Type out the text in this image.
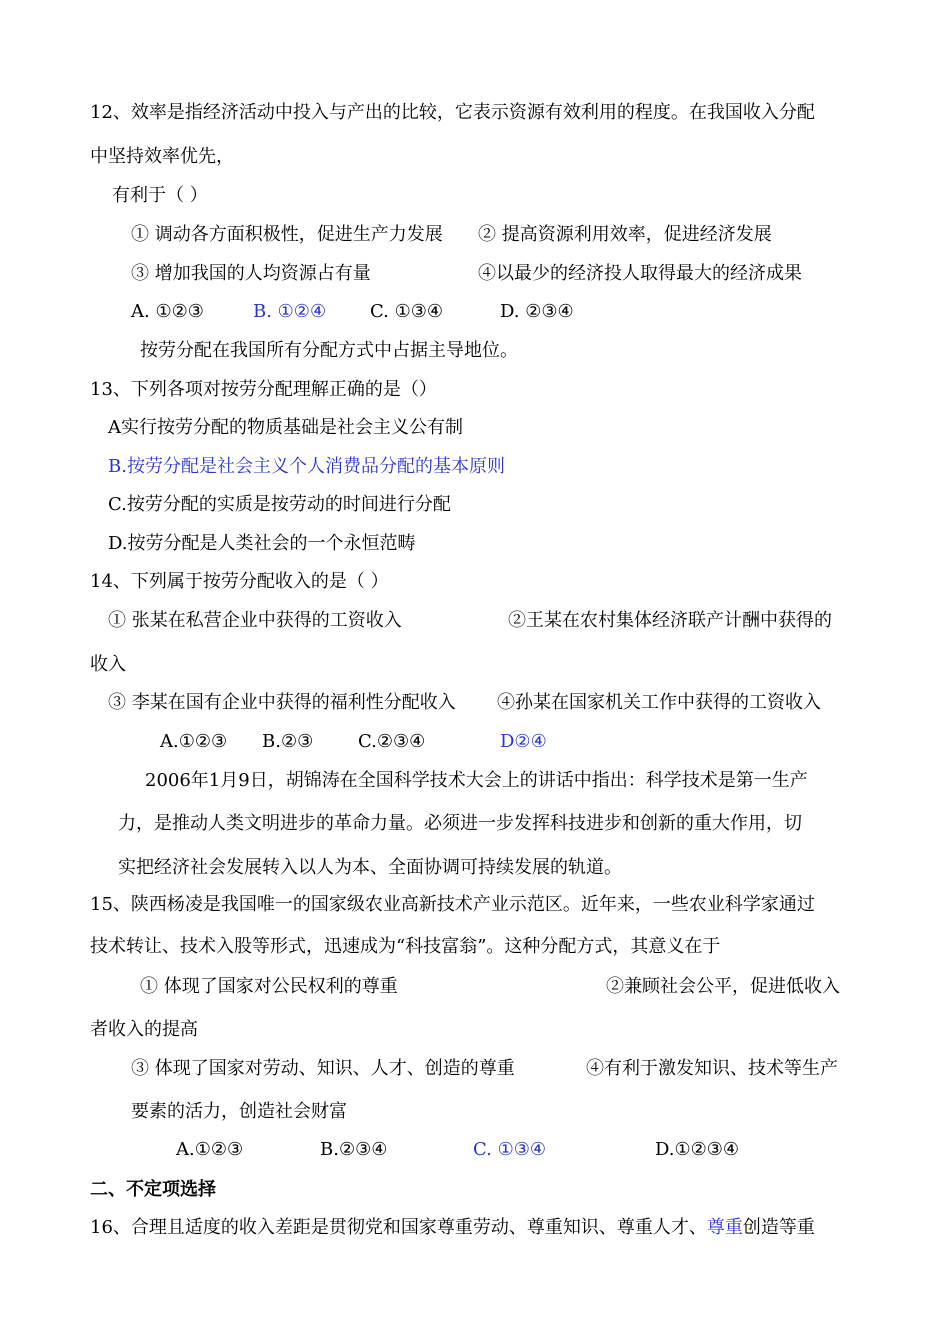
12、效率是指经济活动中投入与产出的比较，它表示资源有效利用的程度。在我国收入分配
中坚持效率优先，
有利于（ ）
① 调动各方面积极性，促进生产力发展 ② 提高资源利用效率，促进经济发展
③ 增加我国的人均资源占有量	④以最少的经济投人取得最大的经济成果
A. ①②③	B. ①②④ C. ①③④	D. ②③④
按劳分配在我国所有分配方式中占据主导地位。
13、下列各项对按劳分配理解正确的是（）
A实行按劳分配的物质基础是社会主义公有制
B.按劳分配是社会主义个人消费品分配的基本原则
C.按劳分配的实质是按劳动的时间进行分配
D.按劳分配是人类社会的一个永恒范畴
14、下列属于按劳分配收入的是（ ）
① 张某在私营企业中获得的工资收入	②王某在农村集体经济联产计酬中获得的
收入
③ 李某在国有企业中获得的福利性分配收入 ④孙某在国家机关工作中获得的工资收入
A.①②③ B.②③ C.②③④	D②④
2006年1月9日，胡锦涛在全国科学技术大会上的讲话中指出：科学技术是第一生产
力，是推动人类文明进步的革命力量。必须进一步发挥科技进步和创新的重大作用，切
实把经济社会发展转入以人为本、全面协调可持续发展的轨道。
15、陕西杨凌是我国唯一的国家级农业高新技术产业示范区。近年来，一些农业科学家通过
技术转让、技术入股等形式，迅速成为“科技富翁”。这种分配方式，其意义在于
① 体现了国家对公民权利的尊重	②兼顾社会公平，促进低收入
者收入的提高
③ 体现了国家对劳动、知识、人才、创造的尊重	④有利于激发知识、技术等生产
要素的活力，创造社会财富
A.①②③	B.②③④	C. ①③④	D.①②③④
二、不定项选择
16、合理且适度的收入差距是贯彻党和国家尊重劳动、尊重知识、尊重人才、尊重创造等重
